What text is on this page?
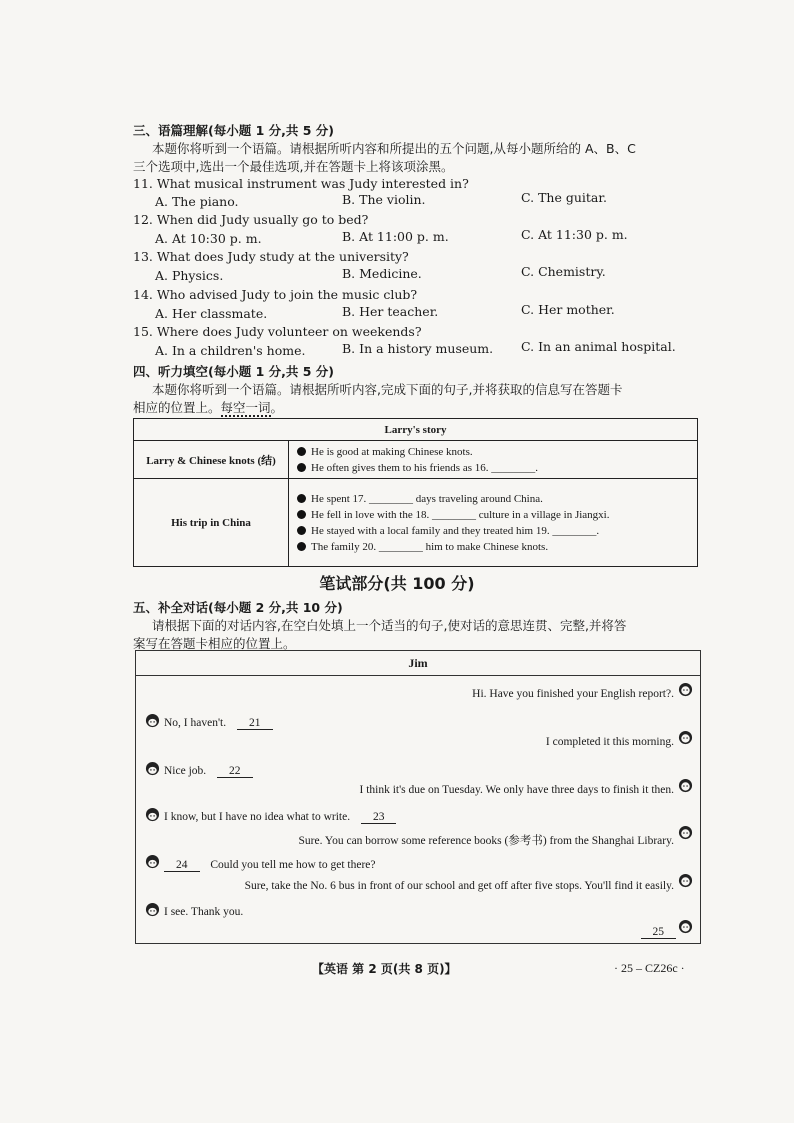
三、语篇理解(每小题 1 分,共 5 分)
本题你将听到一个语篇。请根据所听内容和所提出的五个问题,从每小题所给的 A、B、C
三个选项中,选出一个最佳选项,并在答题卡上将该项涂黑。
11. What musical instrument was Judy interested in?
A. The piano.	B. The violin.	C. The guitar.
12. When did Judy usually go to bed?
A. At 10:30 p. m.	B. At 11:00 p. m.	C. At 11:30 p. m.
13. What does Judy study at the university?
A. Physics.	B. Medicine.	C. Chemistry.
14. Who advised Judy to join the music club?
A. Her classmate.	B. Her teacher.	C. Her mother.
15. Where does Judy volunteer on weekends?
A. In a children's home.	B. In a history museum. C. In an animal hospital.
四、听力填空(每小题 1 分,共 5 分)
本题你将听到一个语篇。请根据所听内容,完成下面的句子,并将获取的信息写在答题卡
相应的位置上。每空一词。
Larry's story	
Larry & Chinese knots (结)	He is good at making Chinese knots.
He often gives them to his friends as 16. ________.

His trip in China	He spent 17. ________ days traveling around China.
He fell in love with the 18. ________ culture in a village in Jiangxi.
He stayed with a local family and they treated him 19. ________.
The family 20. ________ him to make Chinese knots.
笔试部分(共 100 分)
五、补全对话(每小题 2 分,共 10 分)
请根据下面的对话内容,在空白处填上一个适当的句子,使对话的意思连贯、完整,并将答
案写在答题卡相应的位置上。
Jim
Hi. Have you finished your English report?.
No, I haven't. 21
I completed it this morning.
Nice job. 22
I think it's due on Tuesday. We only have three days to finish it then.
I know, but I have no idea what to write. 23
Sure. You can borrow some reference books (参考书) from the Shanghai Library.
24 Could you tell me how to get there?
Sure, take the No. 6 bus in front of our school and get off after five stops. You'll find it easily.
I see. Thank you.
25
【英语 第 2 页(共 8 页)】	· 25 – CZ26c ·
